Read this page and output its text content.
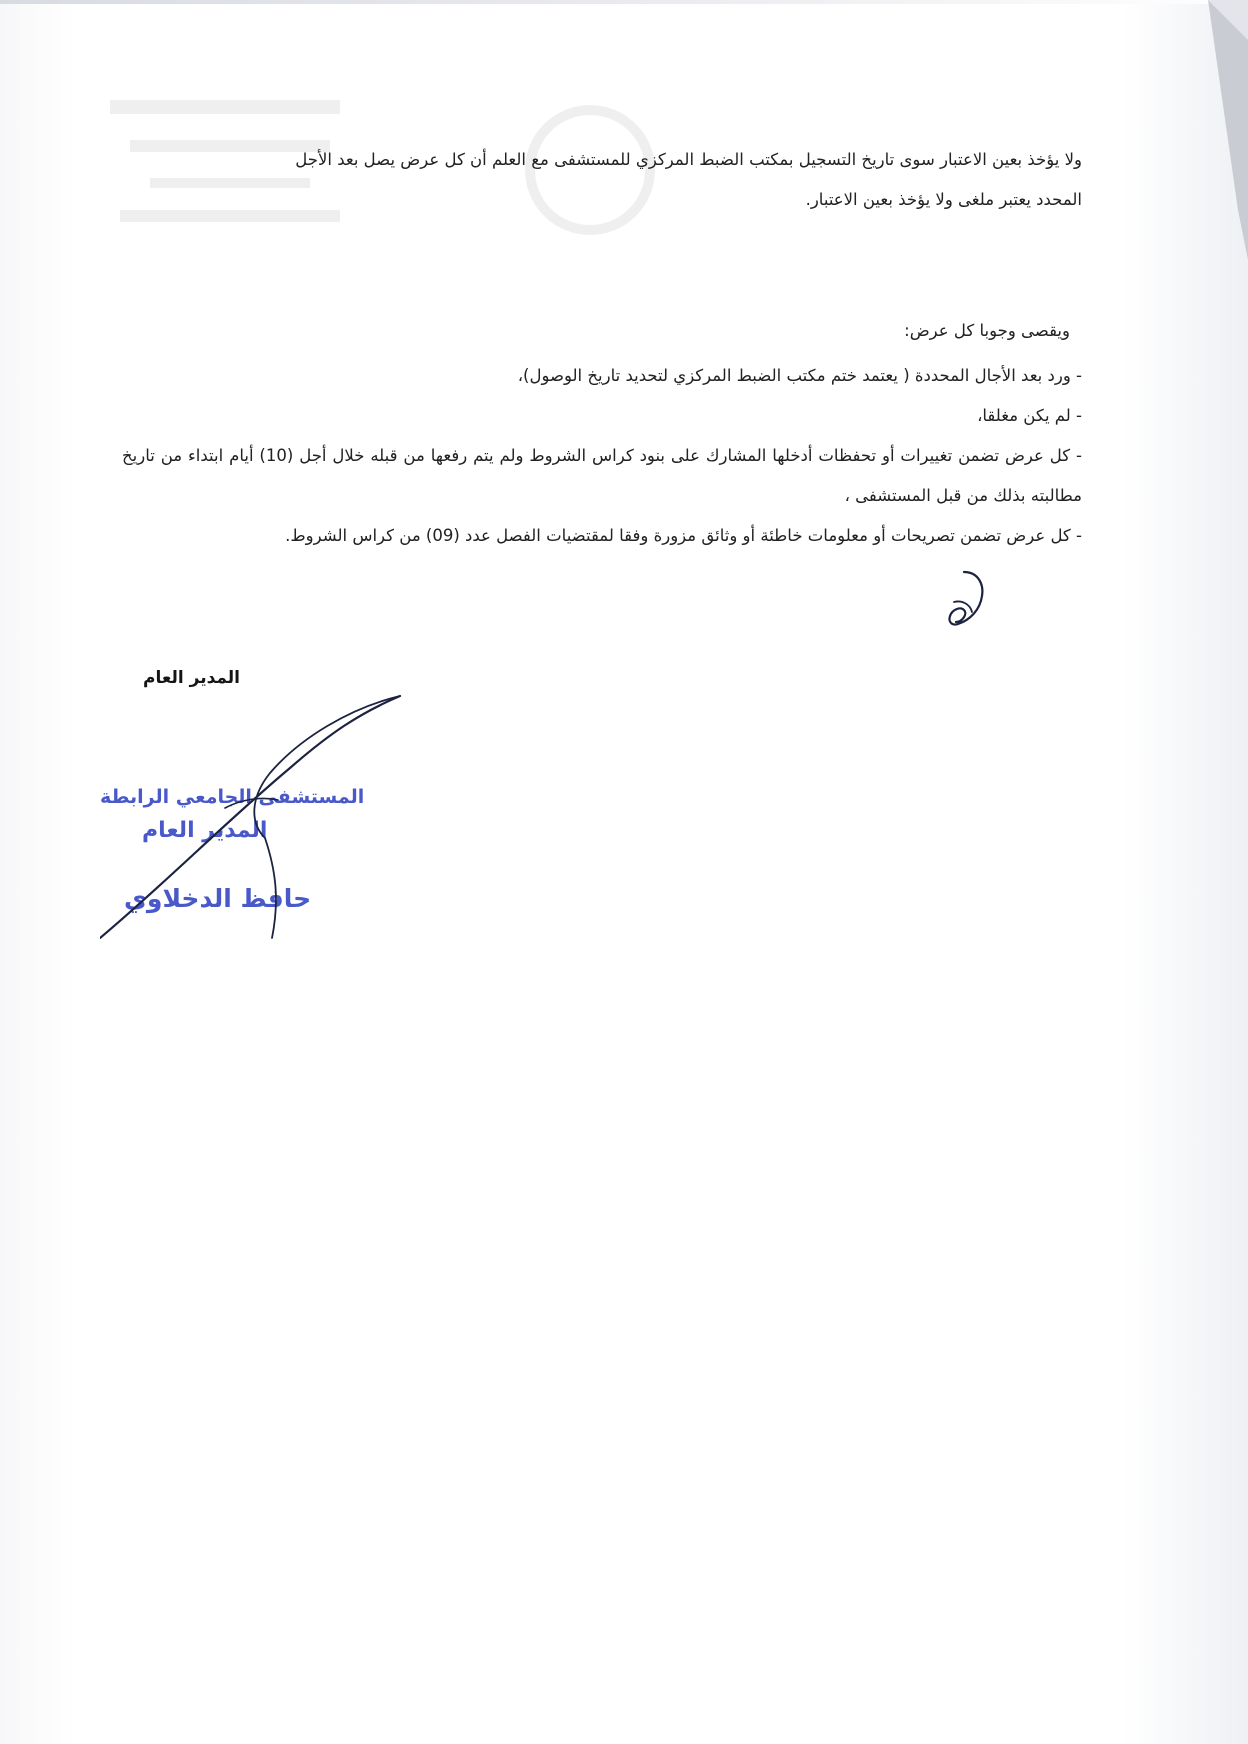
ولا يؤخذ بعين الاعتبار سوى تاريخ التسجيل بمكتب الضبط المركزي للمستشفى مع العلم أن كل عرض يصل بعد الأجل
المحدد يعتبر ملغى ولا يؤخذ بعين الاعتبار.

ويقصى وجوبا كل عرض:

- ورد بعد الأجال المحددة ( يعتمد ختم مكتب الضبط المركزي لتحديد تاريخ الوصول)،
- لم يكن مغلقا،
- كل عرض تضمن تغييرات أو تحفظات أدخلها المشارك على بنود كراس الشروط ولم يتم رفعها من قبله خلال أجل (10) أيام ابتداء من تاريخ مطالبته بذلك من قبل المستشفى ،
- كل عرض تضمن تصريحات أو معلومات خاطئة أو وثائق مزورة وفقا لمقتضيات الفصل عدد (09) من كراس الشروط.
المدير العام
المستشفى الجامعي الرابطة
المدير العام
حافظ الدخلاوي
